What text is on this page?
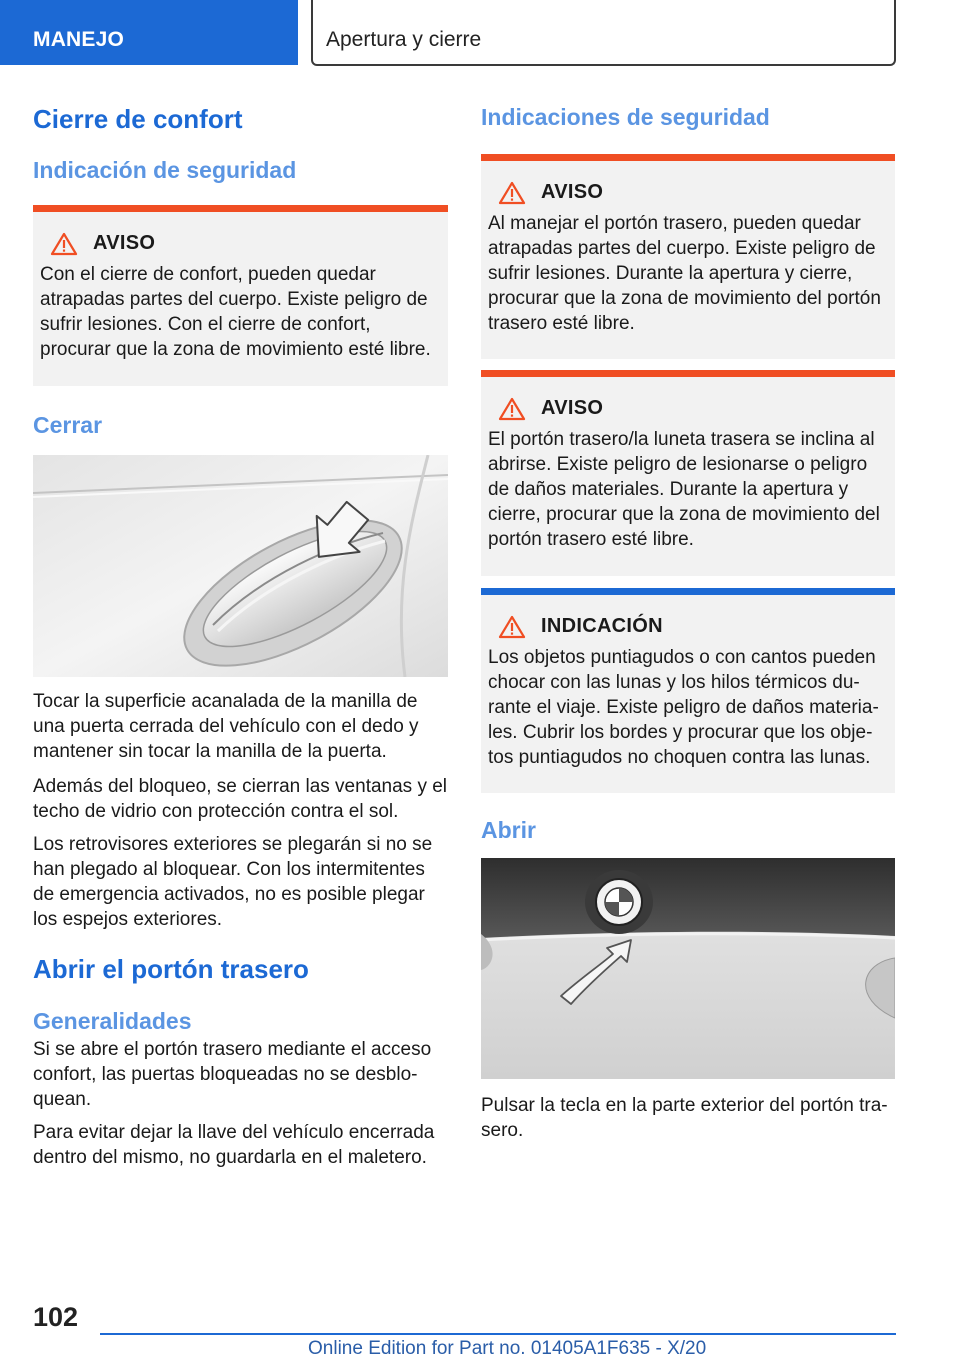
MANEJO	Apertura y cierre
Cierre de confort
Indicación de seguridad
AVISO
Con el cierre de confort, pueden quedar atrapadas partes del cuerpo. Existe peligro de sufrir lesiones. Con el cierre de confort, procurar que la zona de movimiento esté libre.
Cerrar
Tocar la superficie acanalada de la manilla de una puerta cerrada del vehículo con el dedo y mantener sin tocar la manilla de la puerta.
Además del bloqueo, se cierran las ventanas y el techo de vidrio con protección contra el sol.
Los retrovisores exteriores se plegarán si no se han plegado al bloquear. Con los intermitentes de emergencia activados, no es posible plegar los espejos exteriores.
Abrir el portón trasero
Generalidades
Si se abre el portón trasero mediante el acceso confort, las puertas bloqueadas no se desbloquean.
Para evitar dejar la llave del vehículo encerrada dentro del mismo, no guardarla en el maletero.
Indicaciones de seguridad
AVISO
Al manejar el portón trasero, pueden quedar atrapadas partes del cuerpo. Existe peligro de sufrir lesiones. Durante la apertura y cierre, procurar que la zona de movimiento del portón trasero esté libre.
AVISO
El portón trasero/la luneta trasera se inclina al abrirse. Existe peligro de lesionarse o peligro de daños materiales. Durante la apertura y cierre, procurar que la zona de movimiento del portón trasero esté libre.
INDICACIÓN
Los objetos puntiagudos o con cantos pueden chocar con las lunas y los hilos térmicos durante el viaje. Existe peligro de daños materiales. Cubrir los bordes y procurar que los objetos puntiagudos no choquen contra las lunas.
Abrir
Pulsar la tecla en la parte exterior del portón trasero.
102
Online Edition for Part no. 01405A1F635 - X/20
